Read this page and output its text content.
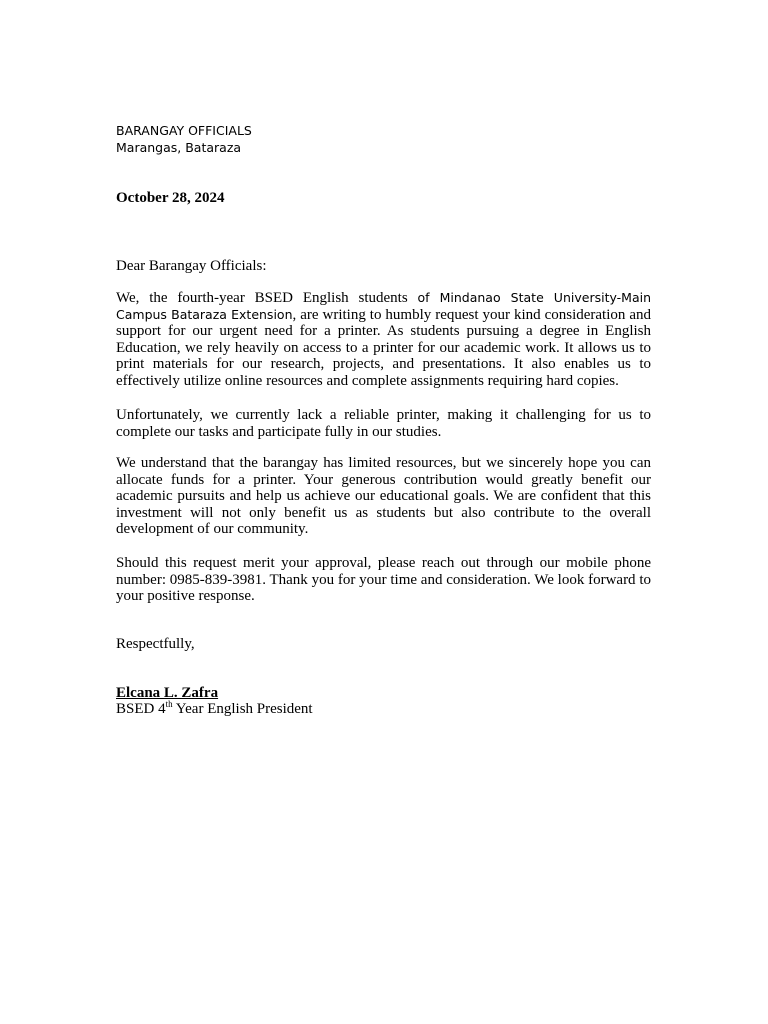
BARANGAY OFFICIALS
Marangas, Bataraza
October 28, 2024
Dear Barangay Officials:

We, the fourth-year BSED English students of Mindanao State University-Main Campus Bataraza Extension, are writing to humbly request your kind consideration and support for our urgent need for a printer. As students pursuing a degree in English Education, we rely heavily on access to a printer for our academic work. It allows us to print materials for our research, projects, and presentations. It also enables us to effectively utilize online resources and complete assignments requiring hard copies.

Unfortunately, we currently lack a reliable printer, making it challenging for us to complete our tasks and participate fully in our studies.

We understand that the barangay has limited resources, but we sincerely hope you can allocate funds for a printer. Your generous contribution would greatly benefit our academic pursuits and help us achieve our educational goals. We are confident that this investment will not only benefit us as students but also contribute to the overall development of our community.

Should this request merit your approval, please reach out through our mobile phone number: 0985-839-3981. Thank you for your time and consideration. We look forward to your positive response.

Respectfully,
Elcana L. Zafra
BSED 4th Year English President
